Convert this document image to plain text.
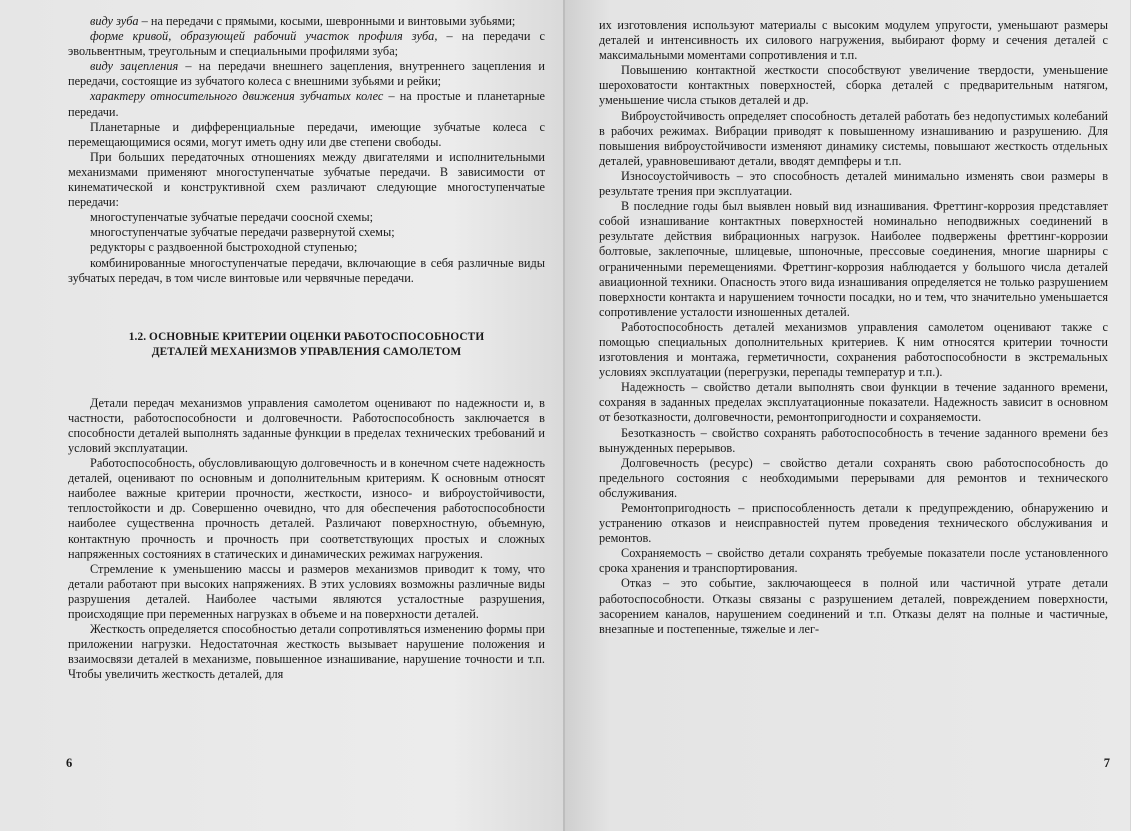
виду зуба – на передачи с прямыми, косыми, шевронными и винтовыми зубьями;

форме кривой, образующей рабочий участок профиля зуба, – на передачи с эвольвентным, треугольным и специальными профилями зуба;

виду зацепления – на передачи внешнего зацепления, внутреннего зацепления и передачи, состоящие из зубчатого колеса с внешними зубьями и рейки;

характеру относительного движения зубчатых колес – на простые и планетарные передачи.

Планетарные и дифференциальные передачи, имеющие зубчатые колеса с перемещающимися осями, могут иметь одну или две степени свободы.

При больших передаточных отношениях между двигателями и исполнительными механизмами применяют многоступенчатые зубчатые передачи. В зависимости от кинематической и конструктивной схем различают следующие многоступенчатые передачи:

многоступенчатые зубчатые передачи соосной схемы;

многоступенчатые зубчатые передачи развернутой схемы;

редукторы с раздвоенной быстроходной ступенью;

комбинированные многоступенчатые передачи, включающие в себя различные виды зубчатых передач, в том числе винтовые или червячные передачи.

1.2. ОСНОВНЫЕ КРИТЕРИИ ОЦЕНКИ РАБОТОСПОСОБНОСТИ
ДЕТАЛЕЙ МЕХАНИЗМОВ УПРАВЛЕНИЯ САМОЛЕТОМ

Детали передач механизмов управления самолетом оценивают по надежности и, в частности, работоспособности и долговечности. Работоспособность заключается в способности деталей выполнять заданные функции в пределах технических требований и условий эксплуатации.

Работоспособность, обусловливающую долговечность и в конечном счете надежность деталей, оценивают по основным и дополнительным критериям. К основным относят наиболее важные критерии прочности, жесткости, износо- и виброустойчивости, теплостойкости и др. Совершенно очевидно, что для обеспечения работоспособности наиболее существенна прочность деталей. Различают поверхностную, объемную, контактную прочность и прочность при соответствующих простых и сложных напряженных состояниях в статических и динамических режимах нагружения.

Стремление к уменьшению массы и размеров механизмов приводит к тому, что детали работают при высоких напряжениях. В этих условиях возможны различные виды разрушения деталей. Наиболее частыми являются усталостные разрушения, происходящие при переменных нагрузках в объеме и на поверхности деталей.

Жесткость определяется способностью детали сопротивляться изменению формы при приложении нагрузки. Недостаточная жесткость вызывает нарушение положения и взаимосвязи деталей в механизме, повышенное изнашивание, нарушение точности и т.п. Чтобы увеличить жесткость деталей, для

6

их изготовления используют материалы с высоким модулем упругости, уменьшают размеры деталей и интенсивность их силового нагружения, выбирают форму и сечения деталей с максимальными моментами сопротивления и т.п.

Повышению контактной жесткости способствуют увеличение твердости, уменьшение шероховатости контактных поверхностей, сборка деталей с предварительным натягом, уменьшение числа стыков деталей и др.

Виброустойчивость определяет способность деталей работать без недопустимых колебаний в рабочих режимах. Вибрации приводят к повышенному изнашиванию и разрушению. Для повышения виброустойчивости изменяют динамику системы, повышают жесткость отдельных деталей, уравновешивают детали, вводят демпферы и т.п.

Износоустойчивость – это способность деталей минимально изменять свои размеры в результате трения при эксплуатации.

В последние годы был выявлен новый вид изнашивания. Фреттинг-коррозия представляет собой изнашивание контактных поверхностей номинально неподвижных соединений в результате действия вибрационных нагрузок. Наиболее подвержены фреттинг-коррозии болтовые, заклепочные, шлицевые, шпоночные, прессовые соединения, многие шарниры с ограниченными перемещениями. Фреттинг-коррозия наблюдается у большого числа деталей авиационной техники. Опасность этого вида изнашивания определяется не только разрушением поверхности контакта и нарушением точности посадки, но и тем, что значительно уменьшается сопротивление усталости изношенных деталей.

Работоспособность деталей механизмов управления самолетом оценивают также с помощью специальных дополнительных критериев. К ним относятся критерии точности изготовления и монтажа, герметичности, сохранения работоспособности в экстремальных условиях эксплуатации (перегрузки, перепады температур и т.п.).

Надежность – свойство детали выполнять свои функции в течение заданного времени, сохраняя в заданных пределах эксплуатационные показатели. Надежность зависит в основном от безотказности, долговечности, ремонтопригодности и сохраняемости.

Безотказность – свойство сохранять работоспособность в течение заданного времени без вынужденных перерывов.

Долговечность (ресурс) – свойство детали сохранять свою работоспособность до предельного состояния с необходимыми перерывами для ремонтов и технического обслуживания.

Ремонтопригодность – приспособленность детали к предупреждению, обнаружению и устранению отказов и неисправностей путем проведения технического обслуживания и ремонтов.

Сохраняемость – свойство детали сохранять требуемые показатели после установленного срока хранения и транспортирования.

Отказ – это событие, заключающееся в полной или частичной утрате детали работоспособности. Отказы связаны с разрушением деталей, повреждением поверхности, засорением каналов, нарушением соединений и т.п. Отказы делят на полные и частичные, внезапные и постепенные, тяжелые и лег-

7
